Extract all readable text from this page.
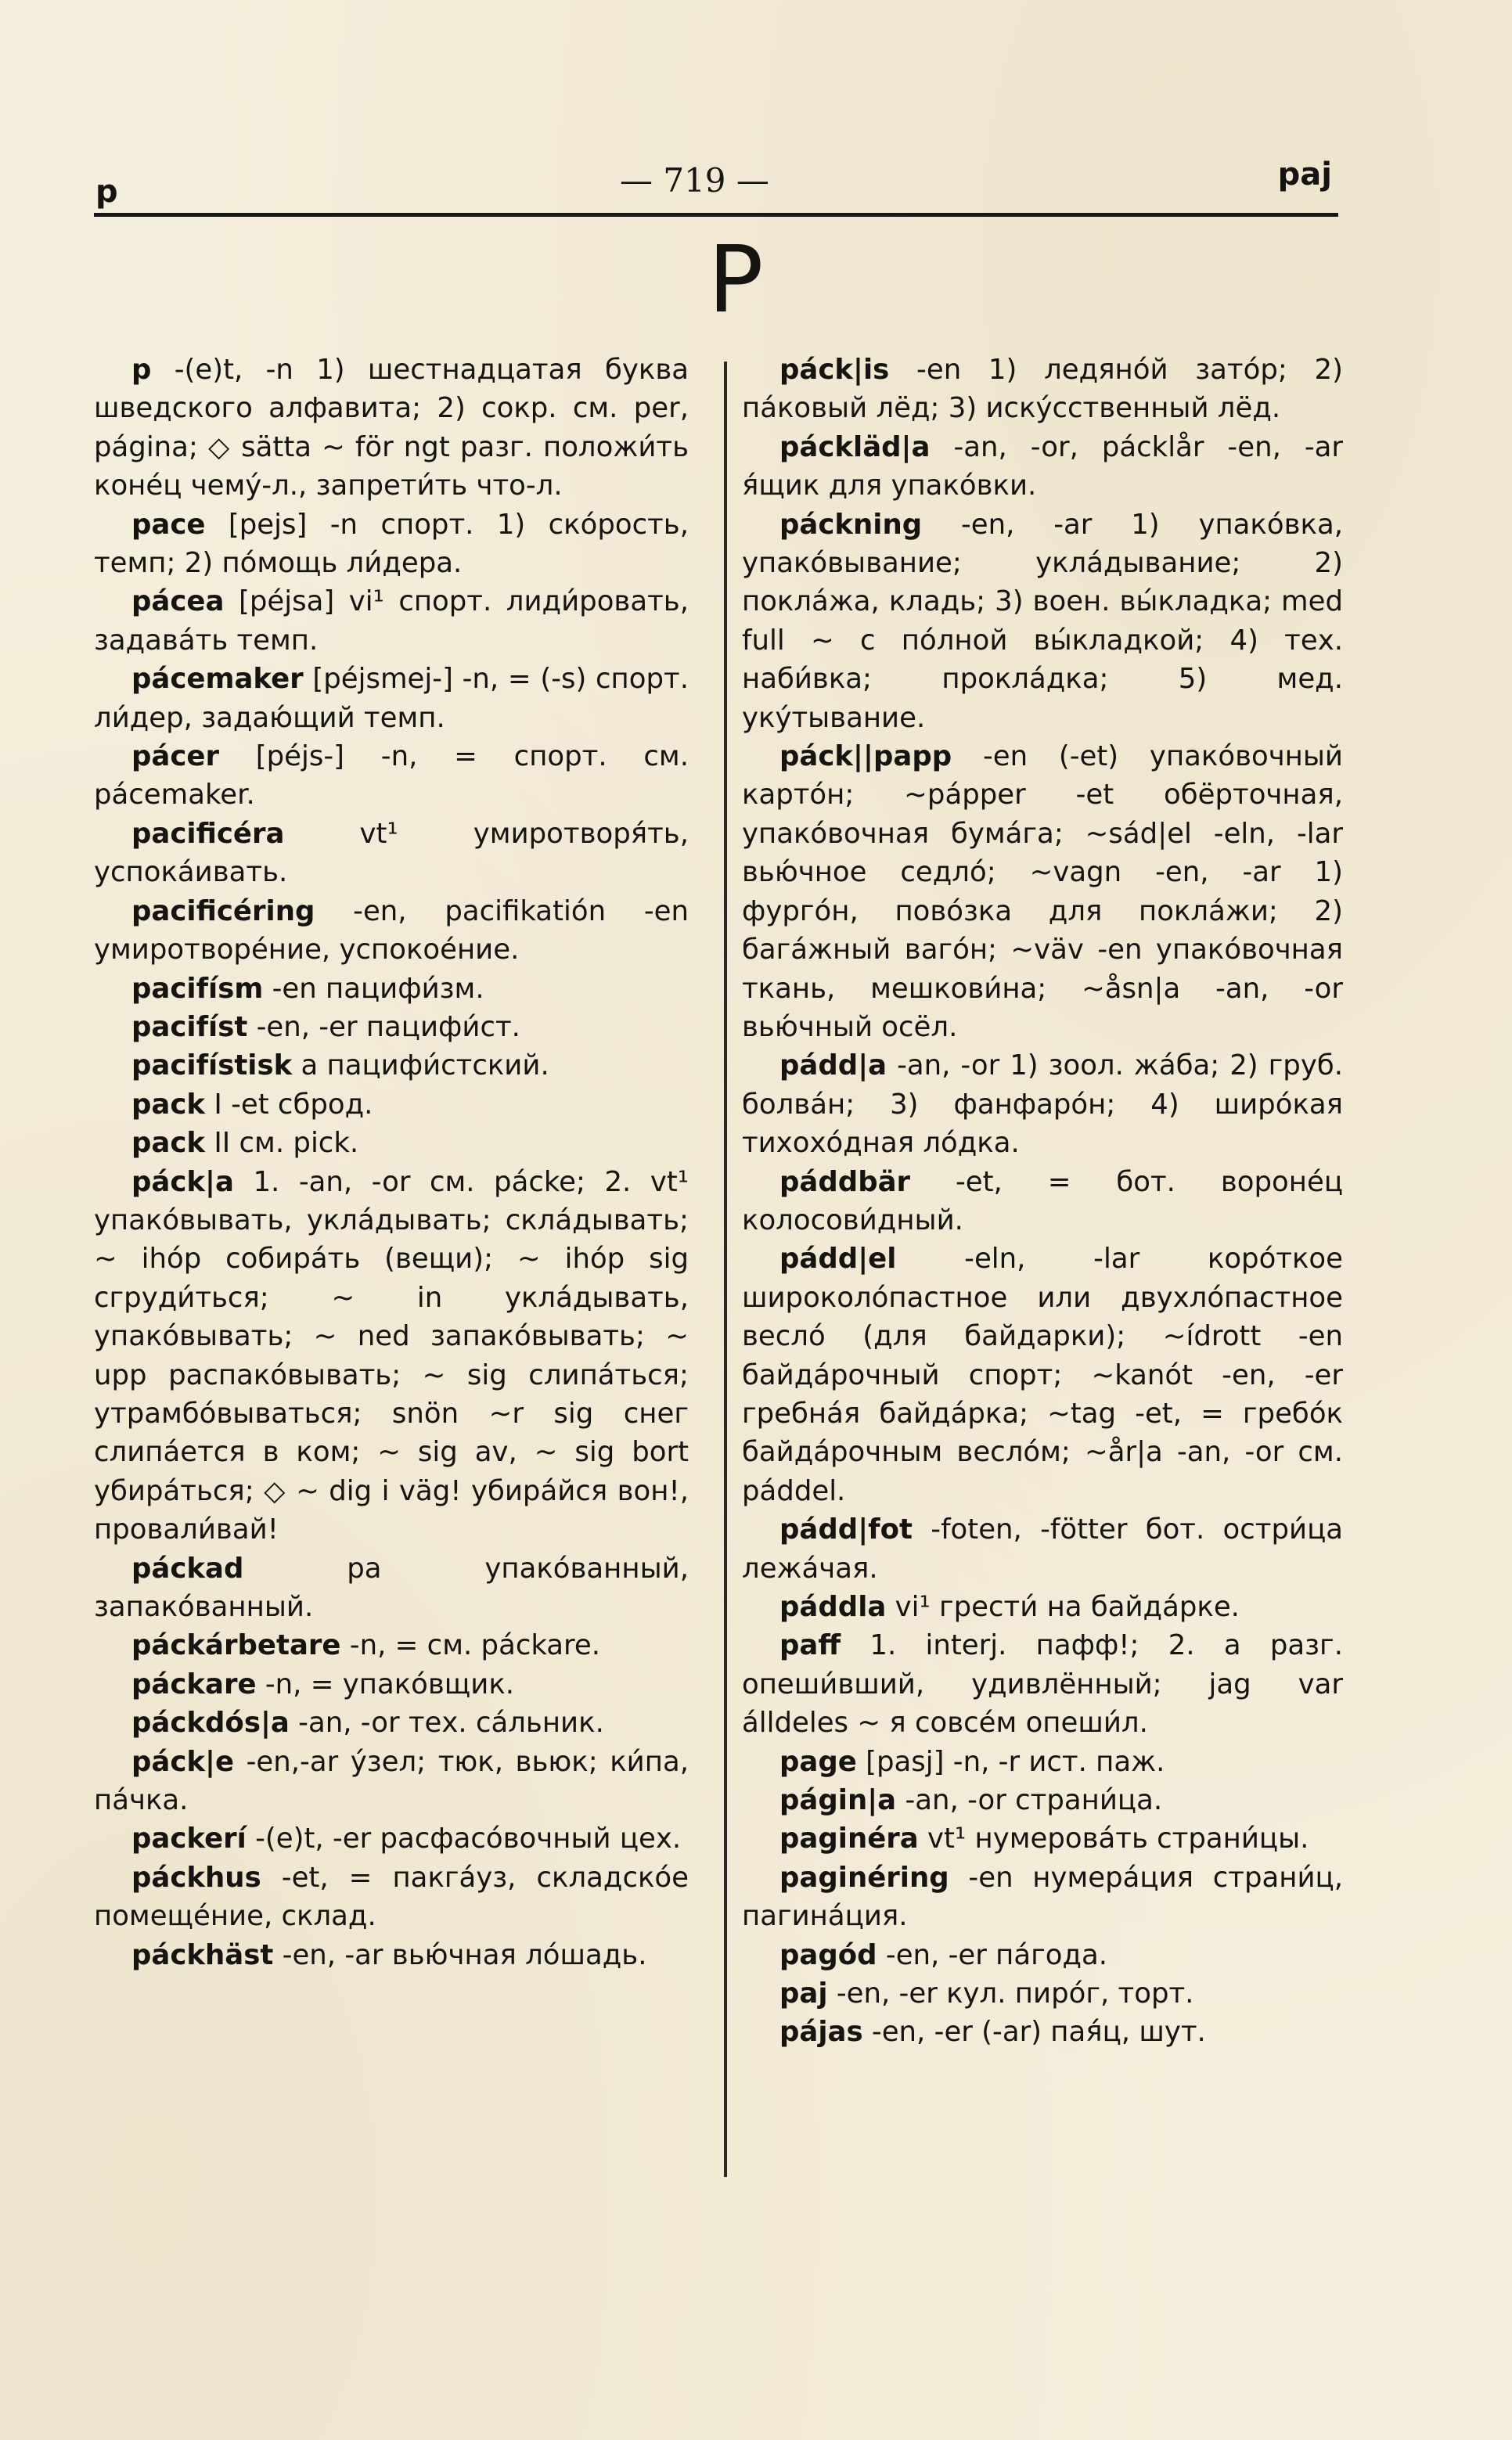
p	— 719 —	paj
P

p -(e)t, -n 1) шестнадцатая буква шведского алфавита; 2) сокр. см. per, página; ◇ sätta ~ för ngt разг. положи́ть коне́ц чему́-л., запрети́ть что-л.

pace [pejs] -n спорт. 1) ско́рость, темп; 2) по́мощь ли́дера.

pácea [péjsa] vi¹ спорт. лиди́ровать, задава́ть темп.

pácemaker [péjsmej-] -n, = (-s) спорт. ли́дер, задаю́щий темп.

pácer [péjs-] -n, = спорт. см. pácemaker.

pacificéra vt¹ умиротворя́ть, успока́ивать.

pacificéring -en, pacifikatión -en умиротворе́ние, успокое́ние.

pacifísm -en пацифи́зм.

pacifíst -en, -er пацифи́ст.

pacifístisk a пацифи́стский.

pack I -et сброд.

pack II см. pick.

páck|a 1. -an, -or см. pácke; 2. vt¹ упако́вывать, укла́дывать; скла́дывать; ~ ihóp собира́ть (вещи); ~ ihóp sig сгруди́ться; ~ in укла́дывать, упако́вывать; ~ ned запако́вывать; ~ upp распако́вывать; ~ sig слипа́ться; утрамбо́вываться; snön ~r sig снег слипа́ется в ком; ~ sig av, ~ sig bort убира́ться; ◇ ~ dig i väg! убира́йся вон!, провали́вай!

páckad pa упако́ванный, запако́ванный.

páckárbetare -n, = см. páckare.

páckare -n, = упако́вщик.

páckdós|a -an, -or тех. са́льник.

páck|e -en,-ar у́зел; тюк, вьюк; ки́па, па́чка.

packerí -(e)t, -er расфасо́вочный цех.

páckhus -et, = пакга́уз, складско́е помеще́ние, склад.

páckhäst -en, -ar вью́чная ло́шадь.

páck|is -en 1) ледяно́й зато́р; 2) па́ковый лёд; 3) иску́сственный лёд.

páckläd|a -an, -or, pácklår -en, -ar я́щик для упако́вки.

páckning -en, -ar 1) упако́вка, упако́вывание; укла́дывание; 2) покла́жа, кладь; 3) воен. вы́кладка; med full ~ с по́лной вы́кладкой; 4) тех. наби́вка; прокла́дка; 5) мед. уку́тывание.

páck||papp -en (-et) упако́вочный карто́н; ~pápper -et обёрточная, упако́вочная бума́га; ~sád|el -eln, -lar вью́чное седло́; ~vagn -en, -ar 1) фурго́н, пово́зка для покла́жи; 2) бага́жный ваго́н; ~väv -en упако́вочная ткань, мешкови́на; ~åsn|a -an, -or вью́чный осёл.

pádd|a -an, -or 1) зоол. жа́ба; 2) груб. болва́н; 3) фанфаро́н; 4) широ́кая тихохо́дная ло́дка.

páddbär -et, = бот. вороне́ц колосови́дный.

pádd|el -eln, -lar коро́ткое широколо́пастное или двухло́пастное весло́ (для байдарки); ~ídrott -en байда́рочный спорт; ~kanót -en, -er гребна́я байда́рка; ~tag -et, = гребо́к байда́рочным весло́м; ~år|a -an, -or см. páddel.

pádd|fot -foten, -fötter бот. остри́ца лежа́чая.

páddla vi¹ грести́ на байда́рке.

paff 1. interj. пафф!; 2. a разг. опеши́вший, удивлённый; jag var álldeles ~ я совсе́м опеши́л.

page [pasj] -n, -r ист. паж.

págin|a -an, -or страни́ца.

paginéra vt¹ нумерова́ть страни́цы.

paginéring -en нумера́ция страни́ц, пагина́ция.

pagód -en, -er па́года.

paj -en, -er кул. пиро́г, торт.

pájas -en, -er (-ar) пая́ц, шут.
